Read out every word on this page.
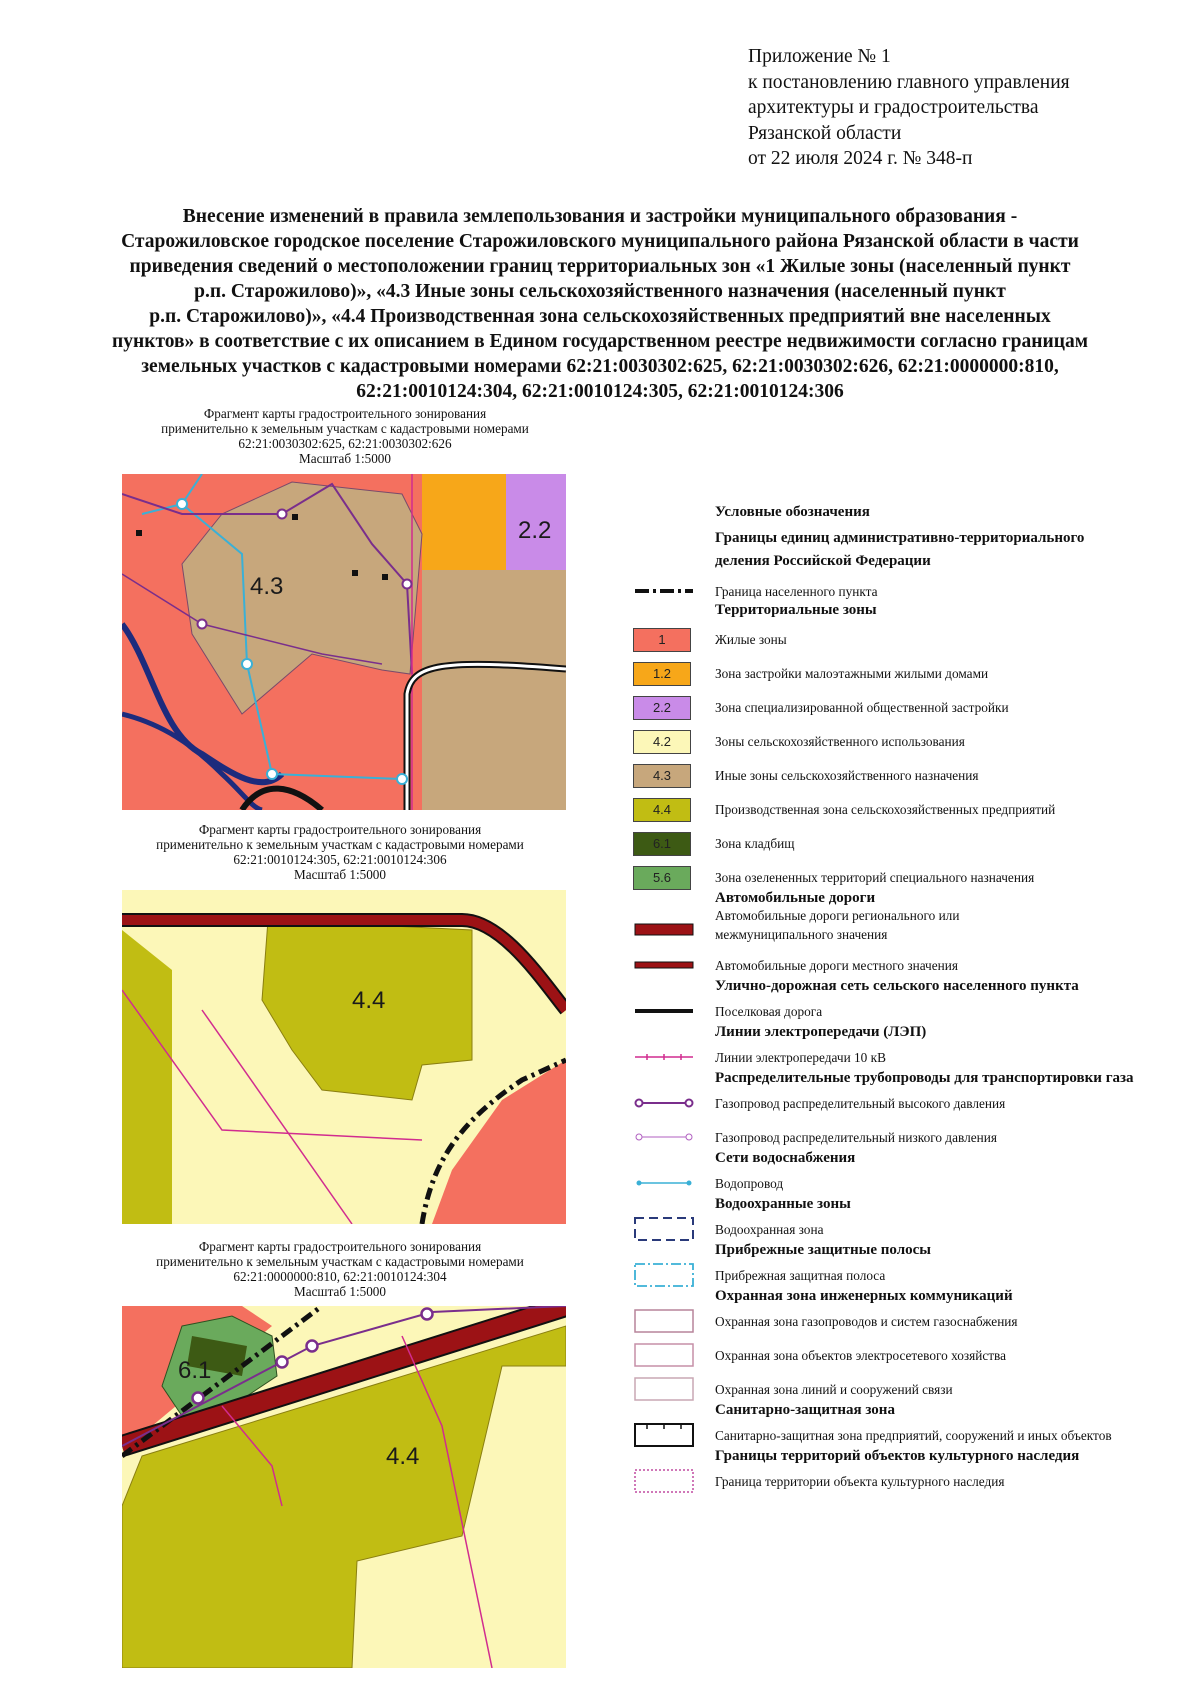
Приложение № 1
к постановлению главного управления
архитектуры и градостроительства
Рязанской области
от 22 июля 2024 г. № 348-п
Внесение изменений в правила землепользования и застройки муниципального образования -
Старожиловское городское поселение Старожиловского муниципального района Рязанской области в части
приведения сведений о местоположении границ территориальных зон «1 Жилые зоны (населенный пункт
р.п. Старожилово)», «4.3 Иные зоны сельскохозяйственного назначения (населенный пункт
р.п. Старожилово)», «4.4 Производственная зона сельскохозяйственных предприятий вне населенных
пунктов» в соответствие с их описанием в Едином государственном реестре недвижимости согласно границам
земельных участков с кадастровыми номерами 62:21:0030302:625, 62:21:0030302:626, 62:21:0000000:810,
62:21:0010124:304, 62:21:0010124:305, 62:21:0010124:306
Фрагмент карты градостроительного зонирования
применительно к земельным участкам с кадастровыми номерами
62:21:0030302:625, 62:21:0030302:626
Масштаб 1:5000
4.3
2.2
Фрагмент карты градостроительного зонирования
применительно к земельным участкам с кадастровыми номерами
62:21:0010124:305, 62:21:0010124:306
Масштаб 1:5000
4.4
Фрагмент карты градостроительного зонирования
применительно к земельным участкам с кадастровыми номерами
62:21:0000000:810, 62:21:0010124:304
Масштаб 1:5000
6.1
4.4
Условные обозначения
Границы единиц административно-территориального
деления Российской Федерации
Граница населенного пункта
Территориальные зоны
1	Жилые зоны
1.2	Зона застройки малоэтажными жилыми домами
2.2	Зона специализированной общественной застройки
4.2	Зоны сельскохозяйственного использования
4.3	Иные зоны сельскохозяйственного назначения
4.4	Производственная зона сельскохозяйственных предприятий
6.1	Зона кладбищ
5.6	Зона озелененных территорий специального назначения
Автомобильные дороги
Автомобильные дороги регионального или
межмуниципального значения
Автомобильные дороги местного значения
Улично-дорожная сеть сельского населенного пункта
Поселковая дорога
Линии электропередачи (ЛЭП)
Линии электропередачи 10 кВ
Распределительные трубопроводы для транспортировки газа
Газопровод распределительный высокого давления
Газопровод распределительный низкого давления
Сети водоснабжения
Водопровод
Водоохранные зоны
Водоохранная зона
Прибрежные защитные полосы
Прибрежная защитная полоса
Охранная зона инженерных коммуникаций
Охранная зона газопроводов и систем газоснабжения
Охранная зона объектов электросетевого хозяйства
Охранная зона линий и сооружений связи
Санитарно-защитная зона
Санитарно-защитная зона предприятий, сооружений и иных объектов
Границы территорий объектов культурного наследия
Граница территории объекта культурного наследия
